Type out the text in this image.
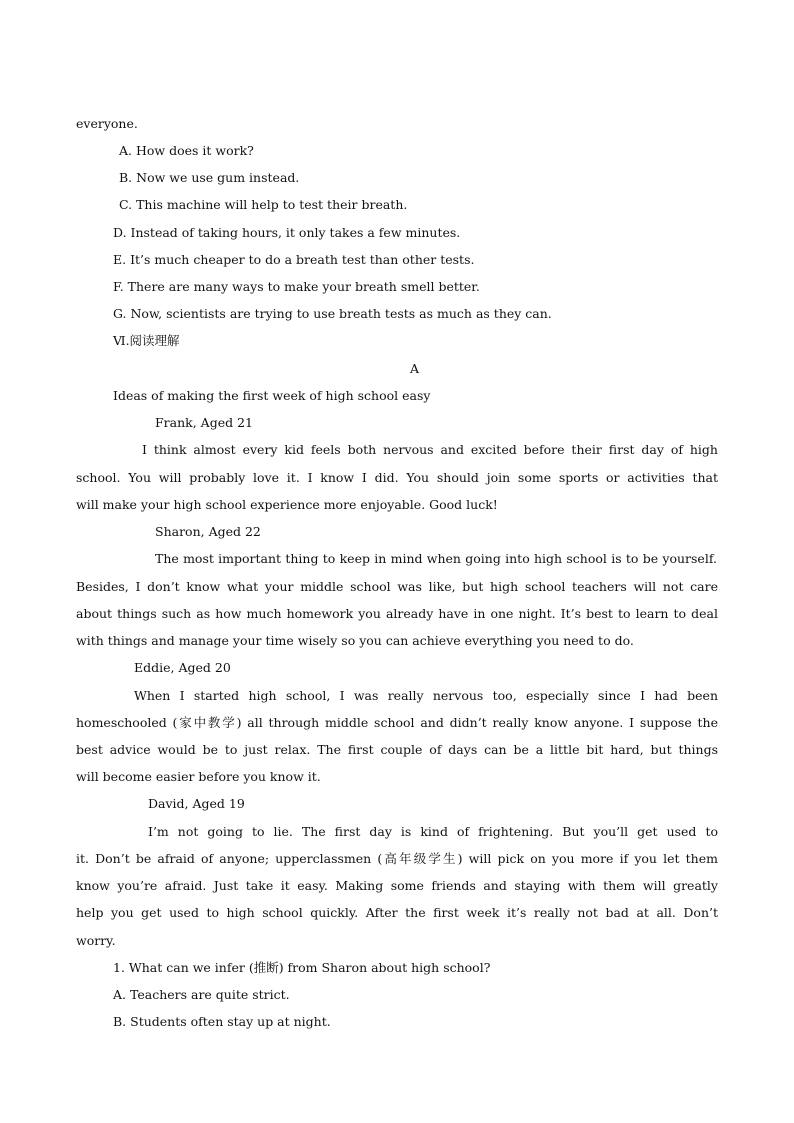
everyone.
A. How does it work?
B. Now we use gum instead.
C. This machine will help to test their breath.
D. Instead of taking hours, it only takes a few minutes.
E. It’s much cheaper to do a breath test than other tests.
F. There are many ways to make your breath smell better.
G. Now, scientists are trying to use breath tests as much as they can.
Ⅵ.阅读理解
A
Ideas of making the first week of high school easy
Frank, Aged 21
I think almost every kid feels both nervous and excited before their first day of high
school. You will probably love it. I know I did. You should join some sports or activities that
will make your high school experience more enjoyable. Good luck!
Sharon, Aged 22
The most important thing to keep in mind when going into high school is to be yourself.
Besides, I don’t know what your middle school was like, but high school teachers will not care
about things such as how much homework you already have in one night. It’s best to learn to deal
with things and manage your time wisely so you can achieve everything you need to do.
Eddie, Aged 20
When I started high school, I was really nervous too, especially since I had been
homeschooled (家中教学) all through middle school and didn’t really know anyone. I suppose the
best advice would be to just relax. The first couple of days can be a little bit hard, but things
will become easier before you know it.
David, Aged 19
I’m not going to lie. The first day is kind of frightening. But you’ll get used to
it. Don’t be afraid of anyone; upperclassmen (高年级学生) will pick on you more if you let them
know you’re afraid. Just take it easy. Making some friends and staying with them will greatly
help you get used to high school quickly. After the first week it’s really not bad at all. Don’t
worry.
1. What can we infer (推断) from Sharon about high school?
A. Teachers are quite strict.
B. Students often stay up at night.
